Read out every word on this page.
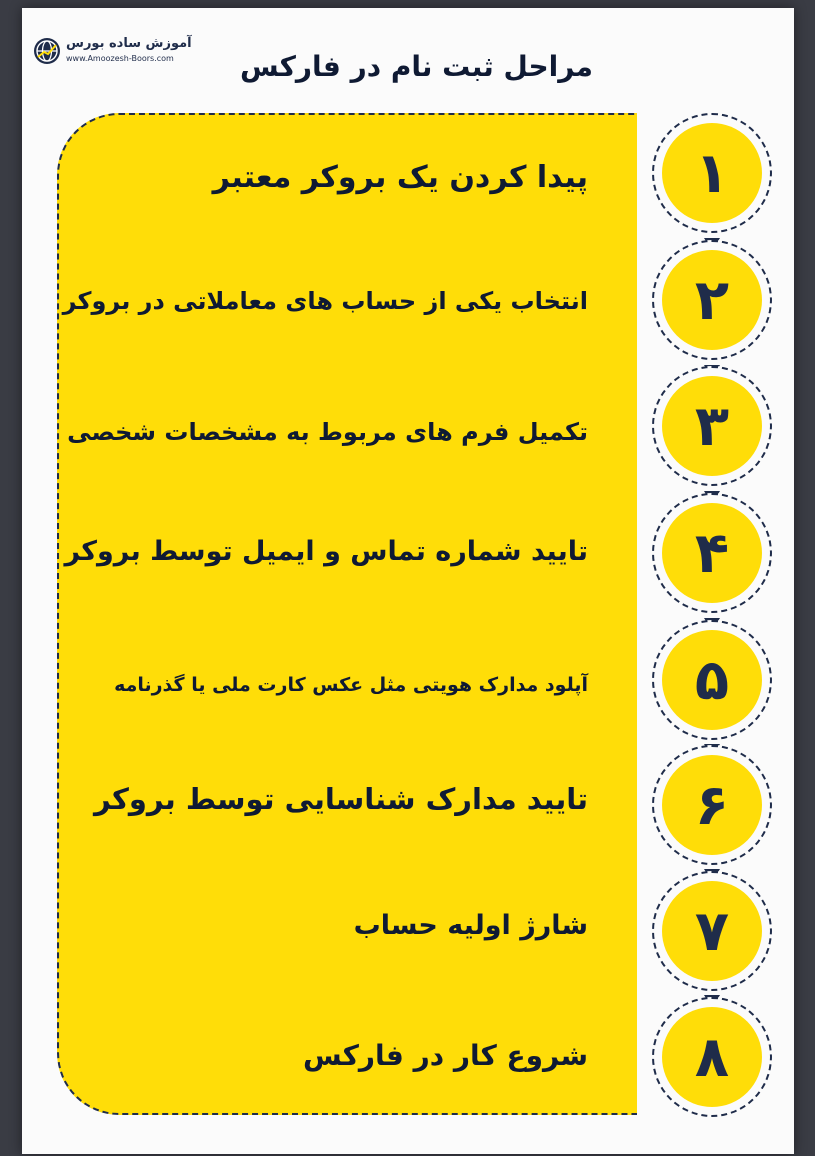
آموزش ساده بورس
www.Amoozesh-Boors.com مراحل ثبت نام در فارکس
پیدا کردن یک بروکر معتبر
انتخاب یکی از حساب های معاملاتی در بروکر
تکمیل فرم های مربوط به مشخصات شخصی
تایید شماره تماس و ایمیل توسط بروکر
آپلود مدارک هویتی مثل عکس کارت ملی یا گذرنامه
تایید مدارک شناسایی توسط بروکر
شارژ اولیه حساب
شروع کار در فارکس
۱
۲
۳
۴
۵
۶
۷
۸
